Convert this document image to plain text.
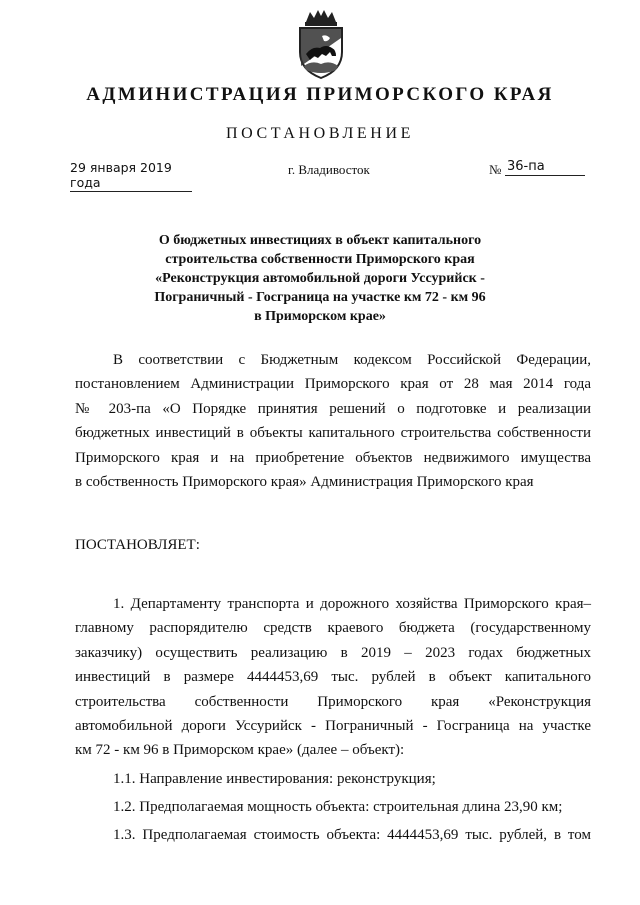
АДМИНИСТРАЦИЯ ПРИМОРСКОГО КРАЯ
ПОСТАНОВЛЕНИЕ
29 января 2019 года
г. Владивосток	№ 36-па
О бюджетных инвестициях в объект капитального
строительства собственности Приморского края
«Реконструкция автомобильной дороги Уссурийск -
Пограничный - Госграница на участке км 72 - км 96
в Приморском крае»
В соответствии с Бюджетным кодексом Российской Федерации,
постановлением Администрации Приморского края от 28 мая 2014 года
№ 203-па «О Порядке принятия решений о подготовке и реализации
бюджетных инвестиций в объекты капитального строительства собственности
Приморского края и на приобретение объектов недвижимого имущества
в собственность Приморского края» Администрация Приморского края
ПОСТАНОВЛЯЕТ:
1. Департаменту транспорта и дорожного хозяйства Приморского края–
главному распорядителю средств краевого бюджета (государственному
заказчику) осуществить реализацию в 2019 – 2023 годах бюджетных
инвестиций в размере 4444453,69 тыс. рублей в объект капитального
строительства собственности Приморского края «Реконструкция
автомобильной дороги Уссурийск - Пограничный - Госграница на участке
км 72 - км 96 в Приморском крае» (далее – объект):
1.1. Направление инвестирования: реконструкция;
1.2. Предполагаемая мощность объекта: строительная длина 23,90 км;
1.3. Предполагаемая стоимость объекта: 4444453,69 тыс. рублей, в том
